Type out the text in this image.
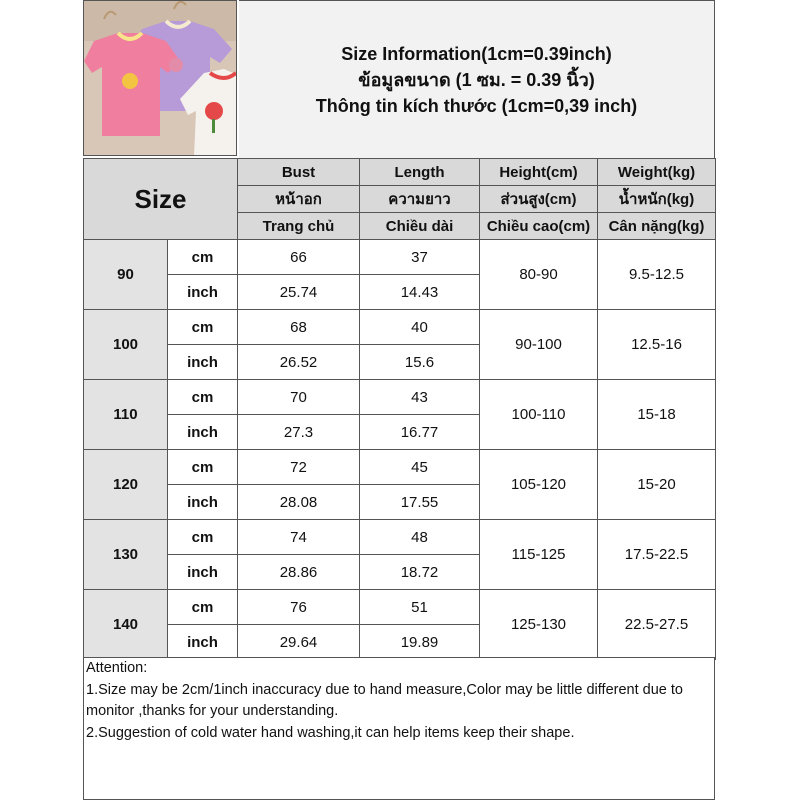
Size Information(1cm=0.39inch)
ข้อมูลขนาด (1 ซม. = 0.39 นิ้ว)
Thông tin kích thước (1cm=0,39 inch)
Size		Bust	Length	Height(cm)	Weight(kg)
		หน้าอก	ความยาว	ส่วนสูง(cm)	น้ำหนัก(kg)
		Trang chủ	Chiều dài	Chiều cao(cm)	Cân nặng(kg)
90	cm	66	37	80-90	9.5-12.5
	inch	25.74	14.43		
100	cm	68	40	90-100	12.5-16
	inch	26.52	15.6		
110	cm	70	43	100-110	15-18
	inch	27.3	16.77		
120	cm	72	45	105-120	15-20
	inch	28.08	17.55		
130	cm	74	48	115-125	17.5-22.5
	inch	28.86	18.72		
140	cm	76	51	125-130	22.5-27.5
	inch	29.64	19.89		

Attention:

1.Size may be 2cm/1inch inaccuracy due to hand measure,Color may be little different due to monitor ,thanks for your understanding.

2.Suggestion of cold water hand washing,it can help items keep their shape.
